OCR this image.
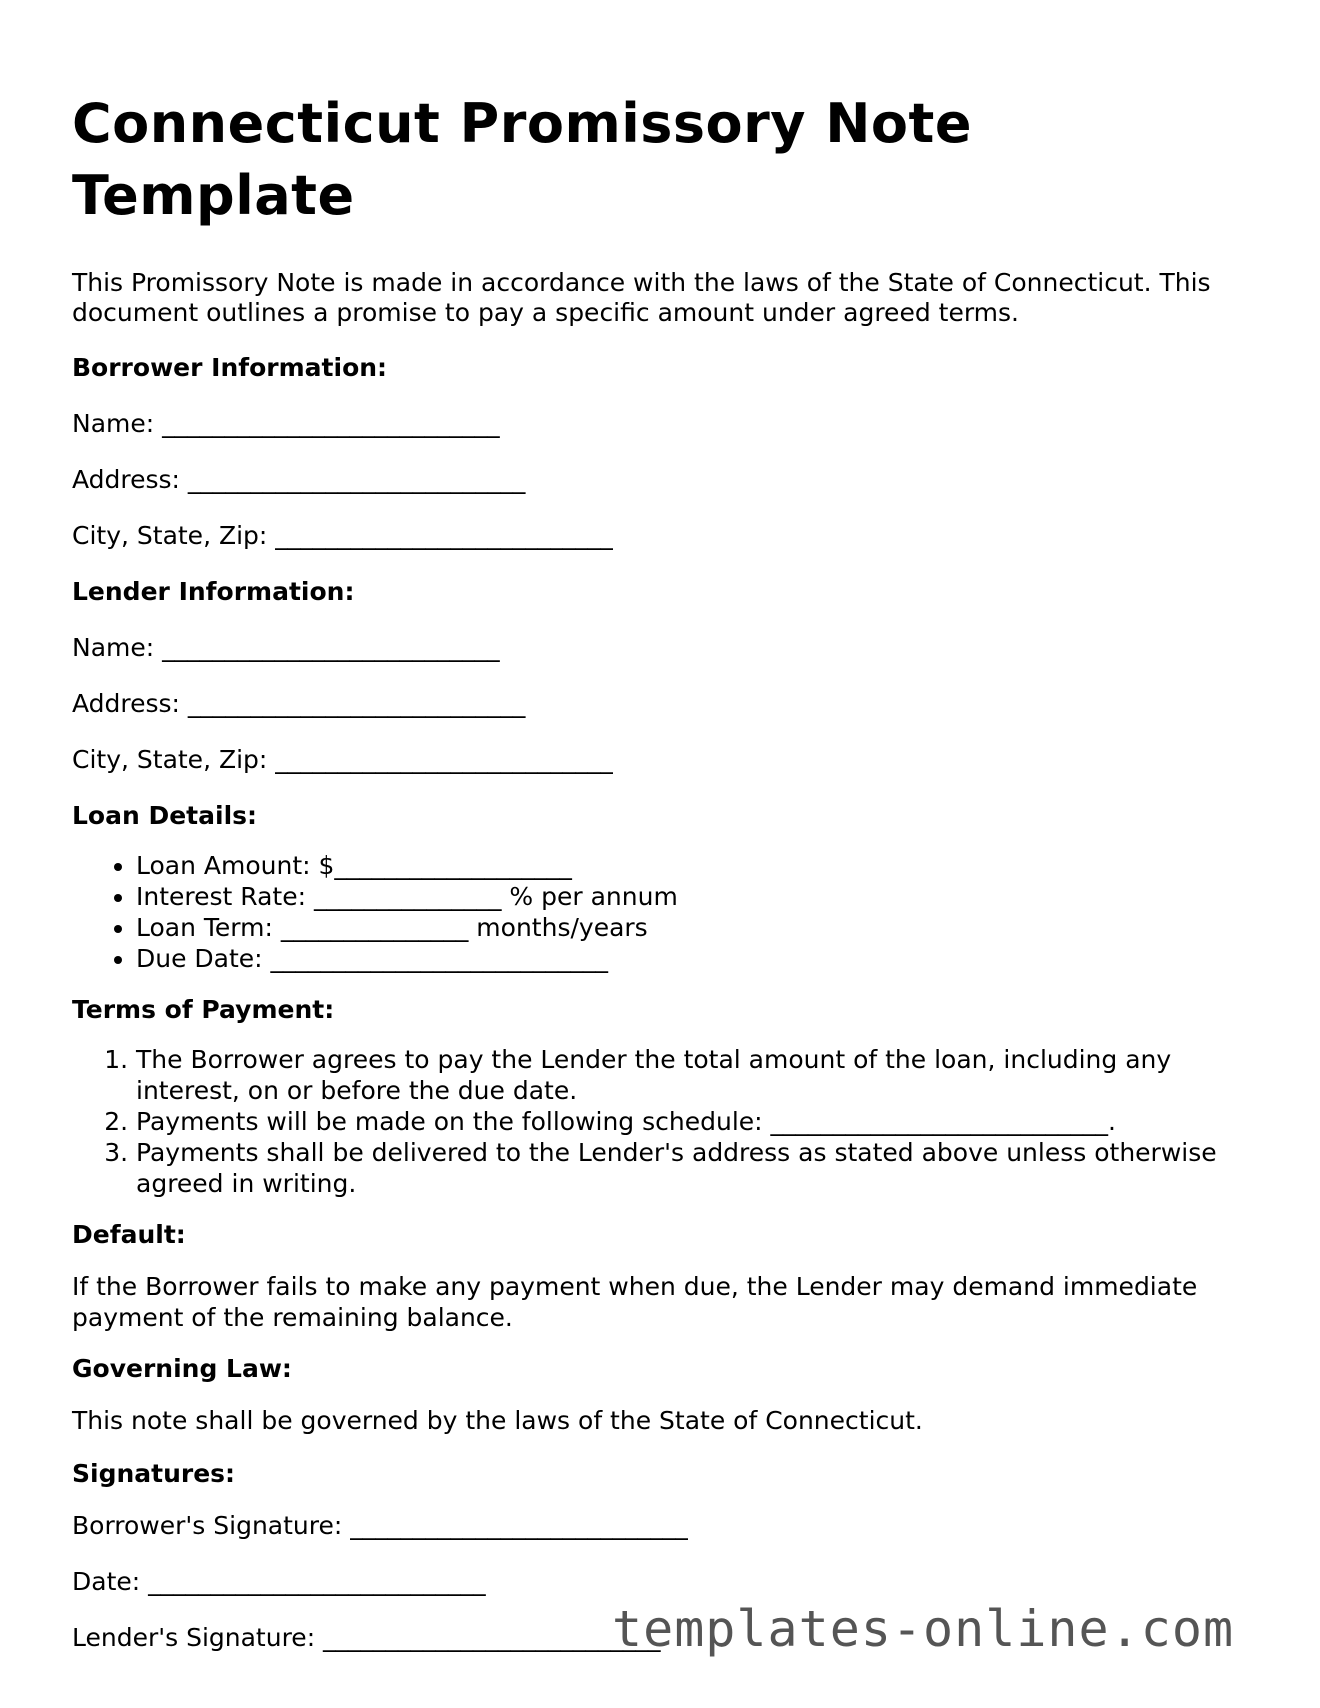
Connecticut Promissory Note Template

This Promissory Note is made in accordance with the laws of the State of Connecticut. This document outlines a promise to pay a specific amount under agreed terms.

Borrower Information:
Name: ___________________________
Address: ___________________________
City, State, Zip: ___________________________
Lender Information:
Name: ___________________________
Address: ___________________________
City, State, Zip: ___________________________
Loan Details:
• Loan Amount: $___________________
• Interest Rate: _______________ % per annum
• Loan Term: _______________ months/years
• Due Date: ___________________________
Terms of Payment:
1. The Borrower agrees to pay the Lender the total amount of the loan, including any interest, on or before the due date.
2. Payments will be made on the following schedule: ___________________________.
3. Payments shall be delivered to the Lender's address as stated above unless otherwise agreed in writing.
Default:

If the Borrower fails to make any payment when due, the Lender may demand immediate payment of the remaining balance.

Governing Law:

This note shall be governed by the laws of the State of Connecticut.

Signatures:
Borrower's Signature: ___________________________
Date: ___________________________
Lender's Signature: ___________________________
templates-online.com
